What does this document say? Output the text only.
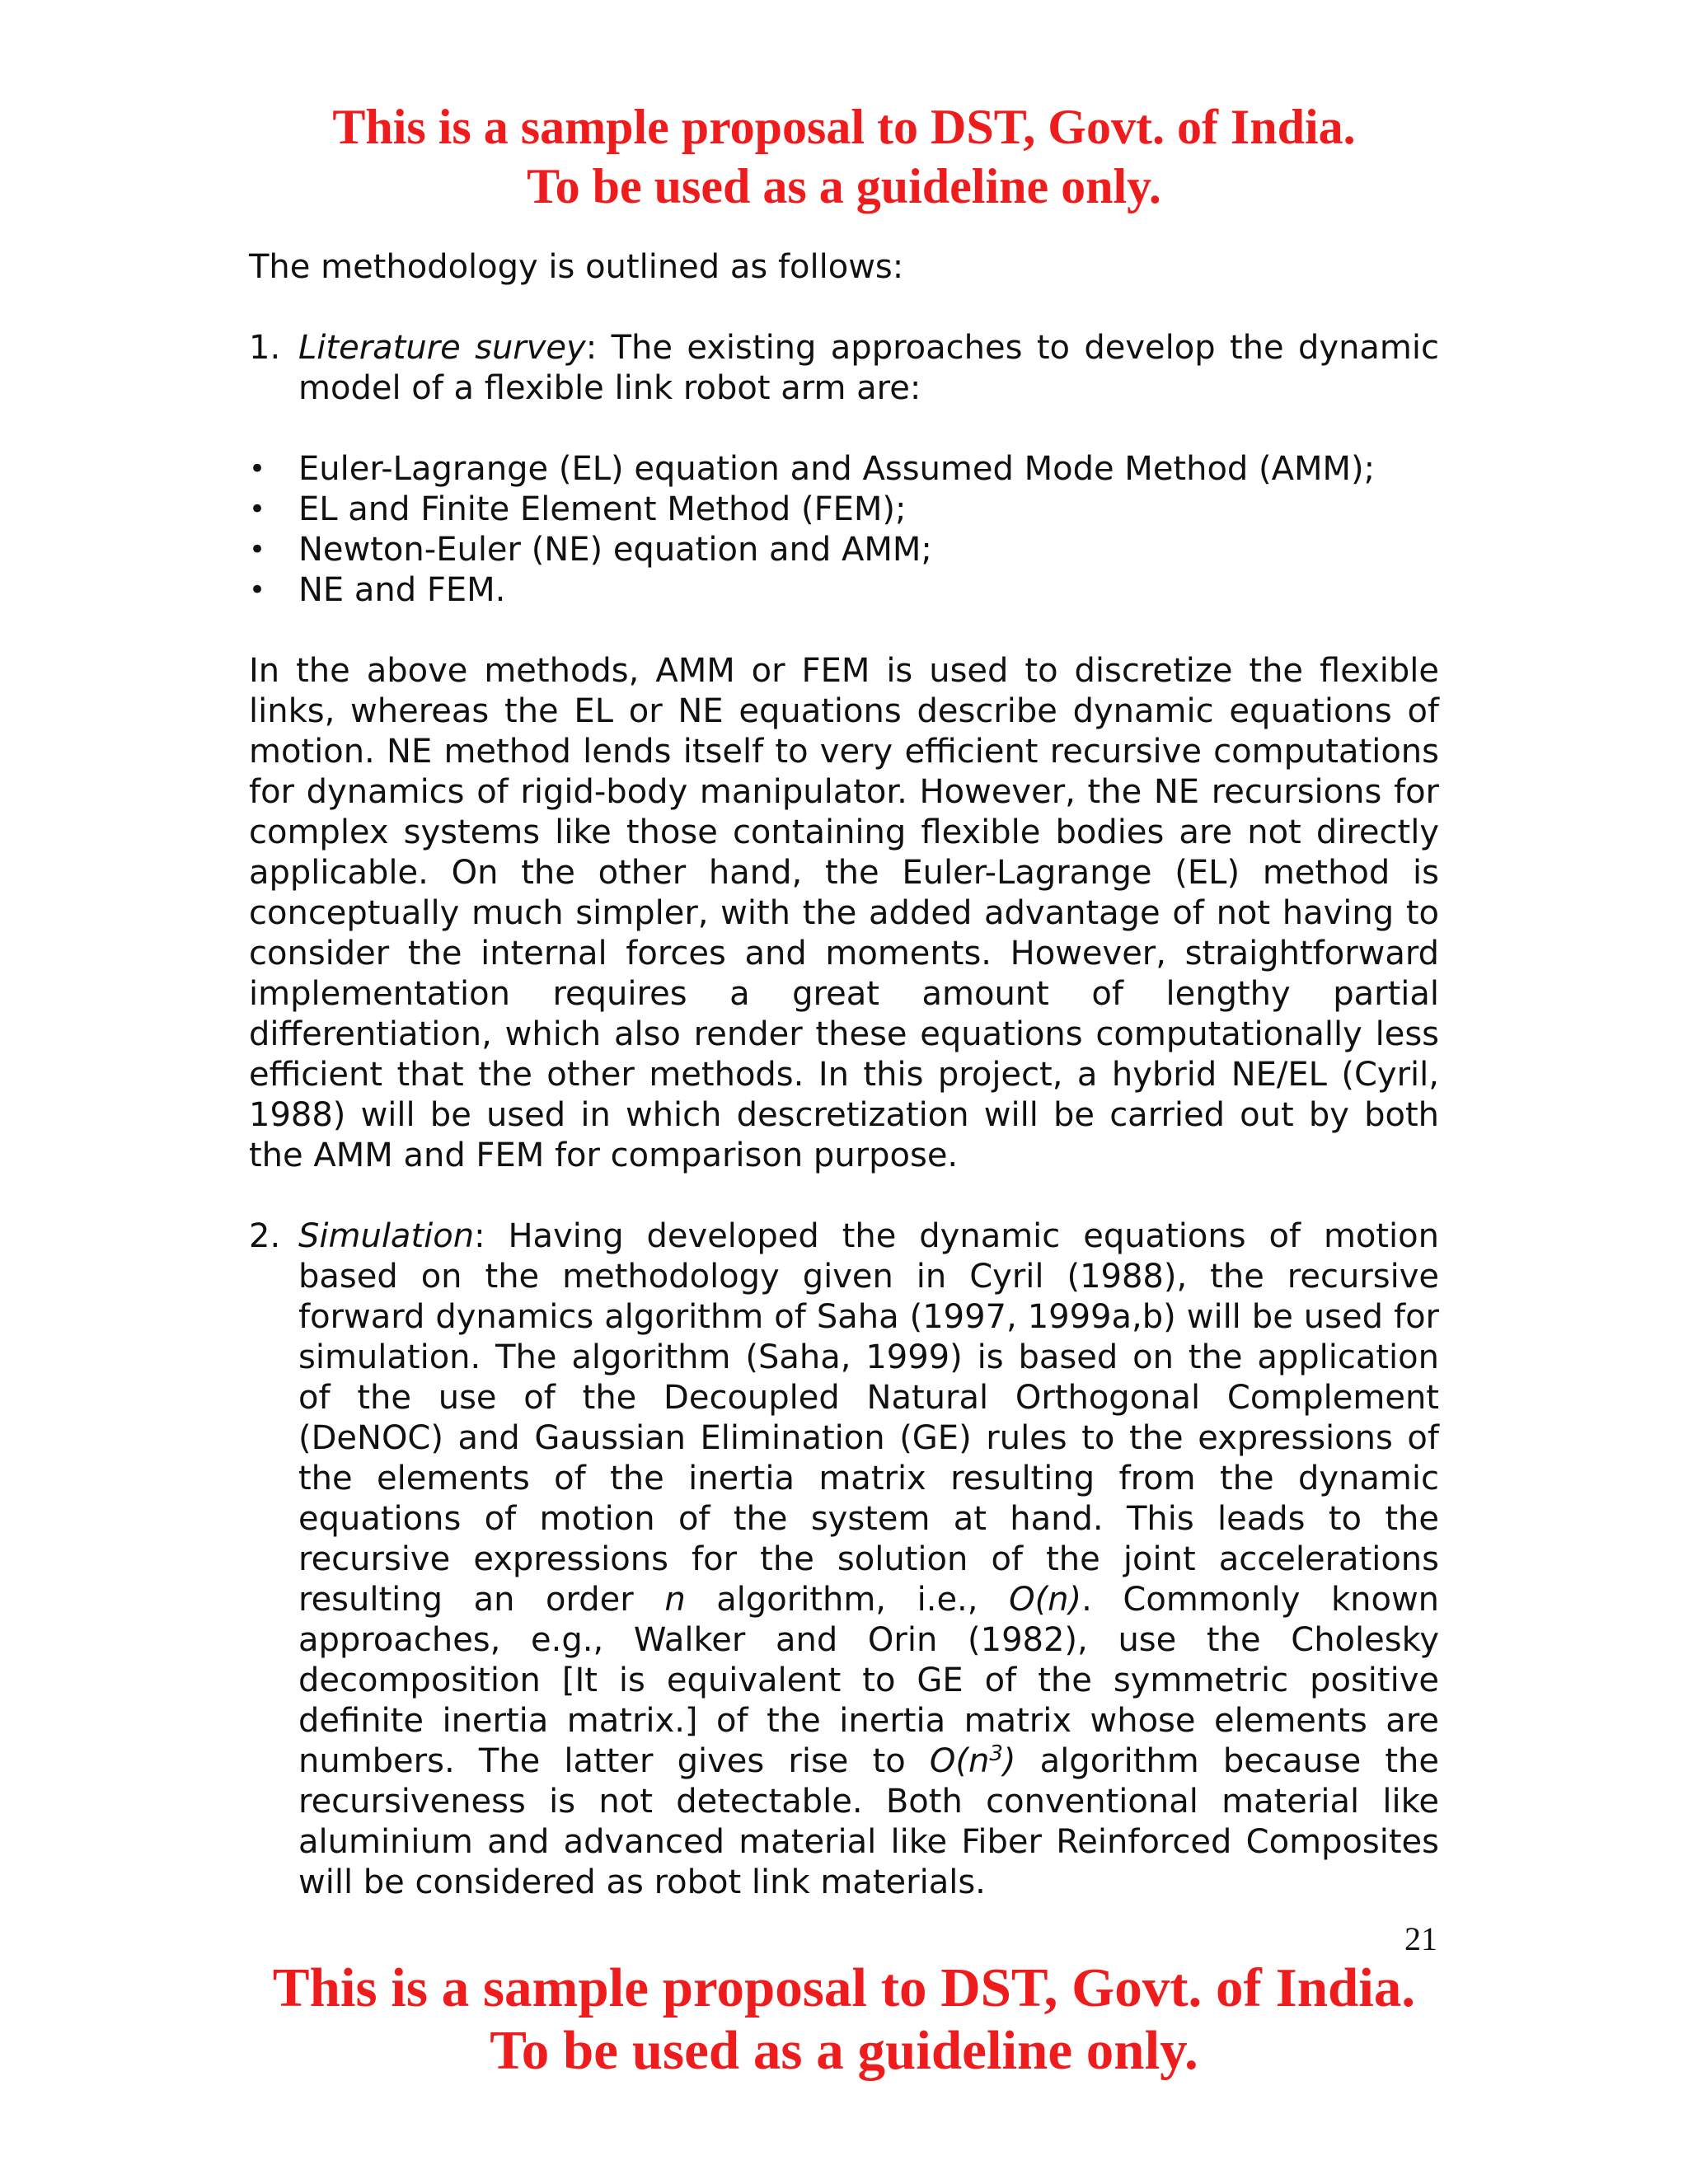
This is a sample proposal to DST, Govt. of India.
To be used as a guideline only.

The methodology is outlined as follows:

1. Literature survey: The existing approaches to develop the dynamic model of a flexible link robot arm are:

• Euler-Lagrange (EL) equation and Assumed Mode Method (AMM);
• EL and Finite Element Method (FEM);
• Newton-Euler (NE) equation and AMM;
• NE and FEM.

In the above methods, AMM or FEM is used to discretize the flexible links, whereas the EL or NE equations describe dynamic equations of motion. NE method lends itself to very efficient recursive computations for dynamics of rigid-body manipulator. However, the NE recursions for complex systems like those containing flexible bodies are not directly applicable. On the other hand, the Euler-Lagrange (EL) method is conceptually much simpler, with the added advantage of not having to consider the internal forces and moments. However, straightforward implementation requires a great amount of lengthy partial differentiation, which also render these equations computationally less efficient that the other methods. In this project, a hybrid NE/EL (Cyril, 1988) will be used in which descretization will be carried out by both the AMM and FEM for comparison purpose.

2. Simulation: Having developed the dynamic equations of motion based on the methodology given in Cyril (1988), the recursive forward dynamics algorithm of Saha (1997, 1999a,b) will be used for simulation. The algorithm (Saha, 1999) is based on the application of the use of the Decoupled Natural Orthogonal Complement (DeNOC) and Gaussian Elimination (GE) rules to the expressions of the elements of the inertia matrix resulting from the dynamic equations of motion of the system at hand. This leads to the recursive expressions for the solution of the joint accelerations resulting an order n algorithm, i.e., O(n). Commonly known approaches, e.g., Walker and Orin (1982), use the Cholesky decomposition [It is equivalent to GE of the symmetric positive definite inertia matrix.] of the inertia matrix whose elements are numbers. The latter gives rise to $O(n^3)$ algorithm because the recursiveness is not detectable. Both conventional material like aluminium and advanced material like Fiber Reinforced Composites will be considered as robot link materials.

21
This is a sample proposal to DST, Govt. of India.
To be used as a guideline only.
